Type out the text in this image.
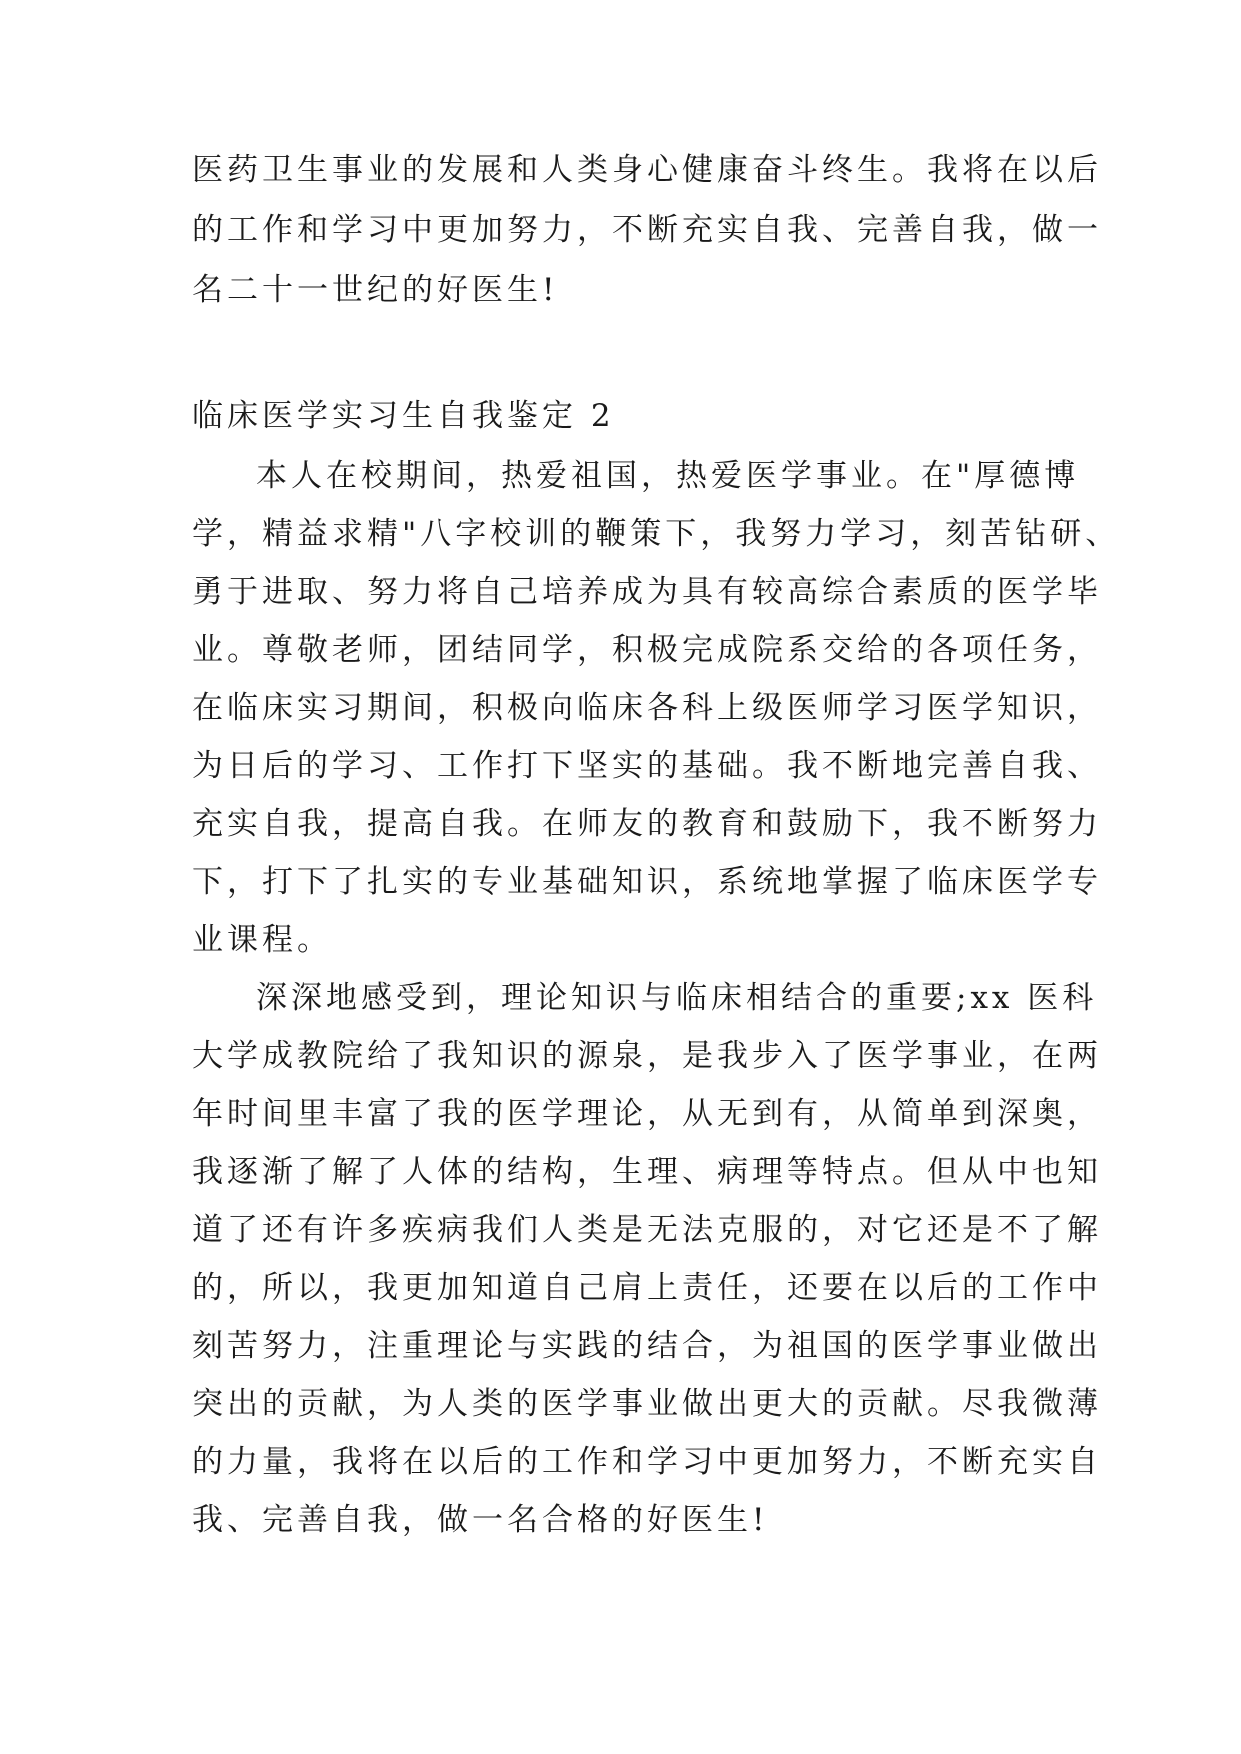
医药卫生事业的发展和人类身心健康奋斗终生。我将在以后
的工作和学习中更加努力，不断充实自我、完善自我，做一
名二十一世纪的好医生!
临床医学实习生自我鉴定 2
本人在校期间，热爱祖国，热爱医学事业。在"厚德博
学，精益求精"八字校训的鞭策下，我努力学习，刻苦钻研、
勇于进取、努力将自己培养成为具有较高综合素质的医学毕
业。尊敬老师，团结同学，积极完成院系交给的各项任务，
在临床实习期间，积极向临床各科上级医师学习医学知识，
为日后的学习、工作打下坚实的基础。我不断地完善自我、
充实自我，提高自我。在师友的教育和鼓励下，我不断努力
下，打下了扎实的专业基础知识，系统地掌握了临床医学专
业课程。
深深地感受到，理论知识与临床相结合的重要;xx 医科
大学成教院给了我知识的源泉，是我步入了医学事业，在两
年时间里丰富了我的医学理论，从无到有，从简单到深奥，
我逐渐了解了人体的结构，生理、病理等特点。但从中也知
道了还有许多疾病我们人类是无法克服的，对它还是不了解
的，所以，我更加知道自己肩上责任，还要在以后的工作中
刻苦努力，注重理论与实践的结合，为祖国的医学事业做出
突出的贡献，为人类的医学事业做出更大的贡献。尽我微薄
的力量，我将在以后的工作和学习中更加努力，不断充实自
我、完善自我，做一名合格的好医生!
